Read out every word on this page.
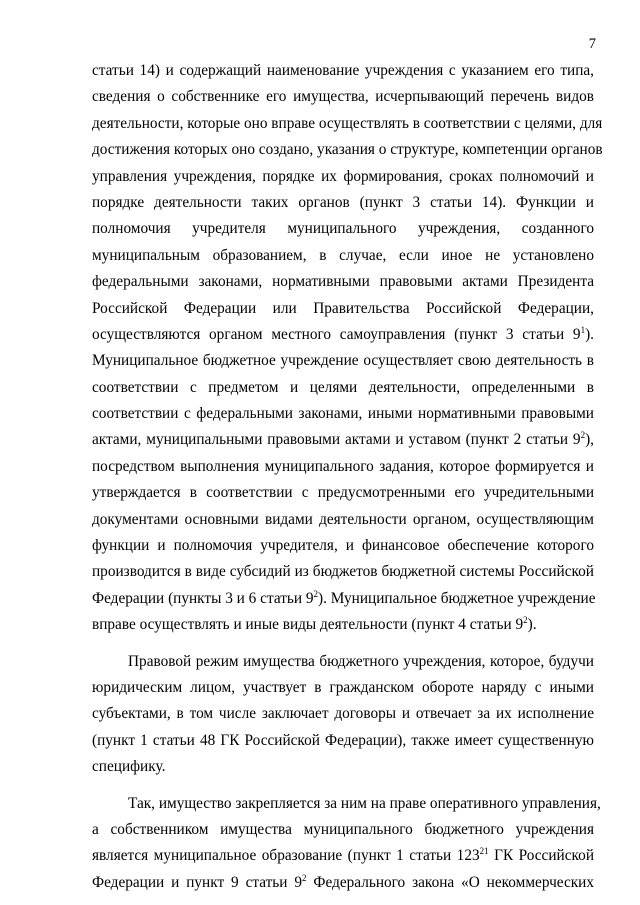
7
статьи 14) и содержащий наименование учреждения с указанием его типа,
сведения о собственнике его имущества, исчерпывающий перечень видов
деятельности, которые оно вправе осуществлять в соответствии с целями, для
достижения которых оно создано, указания о структуре, компетенции органов
управления учреждения, порядке их формирования, сроках полномочий и
порядке деятельности таких органов (пункт 3 статьи 14). Функции и
полномочия учредителя муниципального учреждения, созданного
муниципальным образованием, в случае, если иное не установлено
федеральными законами, нормативными правовыми актами Президента
Российской Федерации или Правительства Российской Федерации,
осуществляются органом местного самоуправления (пункт 3 статьи $9^1$).
Муниципальное бюджетное учреждение осуществляет свою деятельность в
соответствии с предметом и целями деятельности, определенными в
соответствии с федеральными законами, иными нормативными правовыми
актами, муниципальными правовыми актами и уставом (пункт 2 статьи $9^2$),
посредством выполнения муниципального задания, которое формируется и
утверждается в соответствии с предусмотренными его учредительными
документами основными видами деятельности органом, осуществляющим
функции и полномочия учредителя, и финансовое обеспечение которого
производится в виде субсидий из бюджетов бюджетной системы Российской
Федерации (пункты 3 и 6 статьи $9^2$). Муниципальное бюджетное учреждение
вправе осуществлять и иные виды деятельности (пункт 4 статьи $9^2$).
Правовой режим имущества бюджетного учреждения, которое, будучи
юридическим лицом, участвует в гражданском обороте наряду с иными
субъектами, в том числе заключает договоры и отвечает за их исполнение
(пункт 1 статьи 48 ГК Российской Федерации), также имеет существенную
специфику.
Так, имущество закрепляется за ним на праве оперативного управления,
а собственником имущества муниципального бюджетного учреждения
является муниципальное образование (пункт 1 статьи $123^{21}$ ГК Российской
Федерации и пункт 9 статьи $9^2$ Федерального закона «О некоммерческих
